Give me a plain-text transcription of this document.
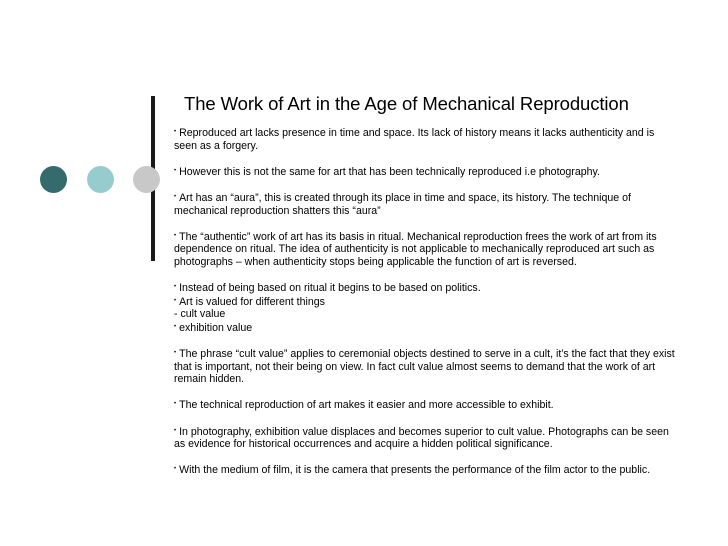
The Work of Art in the Age of Mechanical Reproduction

• Reproduced art lacks presence in time and space. Its lack of history means it lacks authenticity and is seen as a forgery.

• However this is not the same for art that has been technically reproduced i.e photography.

• Art has an “aura”, this is created through its place in time and space, its history. The technique of mechanical reproduction shatters this “aura”

• The “authentic” work of art has its basis in ritual. Mechanical reproduction frees the work of art from its dependence on ritual. The idea of authenticity is not applicable to mechanically reproduced art such as photographs – when authenticity stops being applicable the function of art is reversed.

• Instead of being based on ritual it begins to be based on politics.

• Art is valued for different things

- cult value

• exhibition value

• The phrase “cult value” applies to ceremonial objects destined to serve in a cult, it’s the fact that they exist that is important, not their being on view. In fact cult value almost seems to demand that the work of art remain hidden.

• The technical reproduction of art makes it easier and more accessible to exhibit.

• In photography, exhibition value displaces and becomes superior to cult value. Photographs can be seen as evidence for historical occurrences and acquire a hidden political significance.

• With the medium of film, it is the camera that presents the performance of the film actor to the public.
